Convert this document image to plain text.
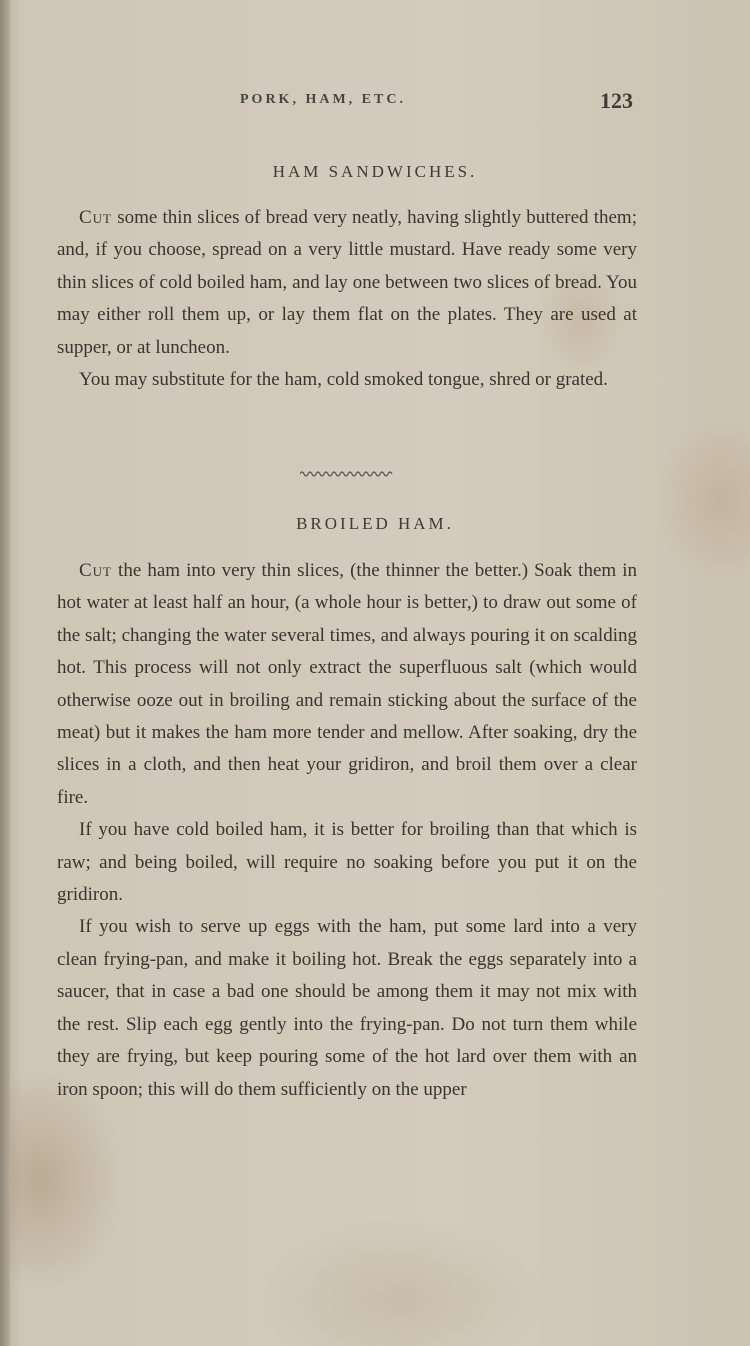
PORK, HAM, ETC.	123
HAM SANDWICHES.

Cut some thin slices of bread very neatly, having slightly buttered them; and, if you choose, spread on a very little mustard. Have ready some very thin slices of cold boiled ham, and lay one between two slices of bread. You may either roll them up, or lay them flat on the plates. They are used at supper, or at luncheon.

You may substitute for the ham, cold smoked tongue, shred or grated.

BROILED HAM.

Cut the ham into very thin slices, (the thinner the better.) Soak them in hot water at least half an hour, (a whole hour is better,) to draw out some of the salt; changing the water several times, and always pouring it on scalding hot. This process will not only extract the superfluous salt (which would otherwise ooze out in broiling and remain sticking about the surface of the meat) but it makes the ham more tender and mellow. After soaking, dry the slices in a cloth, and then heat your gridiron, and broil them over a clear fire.

If you have cold boiled ham, it is better for broiling than that which is raw; and being boiled, will require no soaking before you put it on the gridiron.

If you wish to serve up eggs with the ham, put some lard into a very clean frying-pan, and make it boiling hot. Break the eggs separately into a saucer, that in case a bad one should be among them it may not mix with the rest. Slip each egg gently into the frying-pan. Do not turn them while they are frying, but keep pouring some of the hot lard over them with an iron spoon; this will do them sufficiently on the upper
